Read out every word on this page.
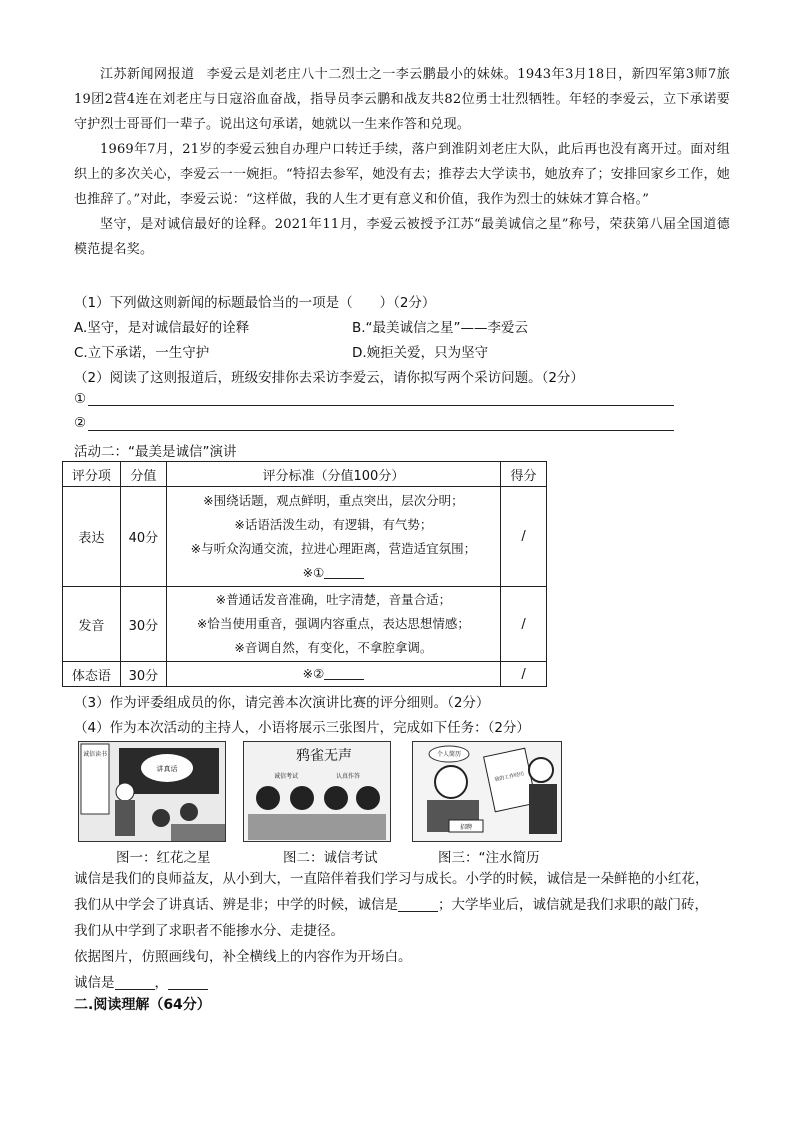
江苏新闻网报道 李爱云是刘老庄八十二烈士之一李云鹏最小的妹妹。1943年3月18日，新四军第3师7旅19团2营4连在刘老庄与日寇浴血奋战，指导员李云鹏和战友共82位勇士壮烈牺牲。年轻的李爱云，立下承诺要守护烈士哥哥们一辈子。说出这句承诺，她就以一生来作答和兑现。

1969年7月，21岁的李爱云独自办理户口转迁手续，落户到淮阴刘老庄大队，此后再也没有离开过。面对组织上的多次关心，李爱云一一婉拒。“特招去参军，她没有去；推荐去大学读书，她放弃了；安排回家乡工作，她也推辞了。”对此，李爱云说：“这样做，我的人生才更有意义和价值，我作为烈士的妹妹才算合格。”

坚守，是对诚信最好的诠释。2021年11月，李爱云被授予江苏“最美诚信之星”称号，荣获第八届全国道德模范提名奖。

（1）下列做这则新闻的标题最恰当的一项是（　　）（2分）
A.坚守，是对诚信最好的诠释	B.“最美诚信之星”——李爱云
C.立下承诺，一生守护	D.婉拒关爱，只为坚守
（2）阅读了这则报道后，班级安排你去采访李爱云，请你拟写两个采访问题。（2分）
①
②
活动二：“最美是诚信”演讲
评分项	分值	评分标准（分值100分）	得分
表达	40分	※围绕话题，观点鲜明，重点突出，层次分明；
※话语活泼生动，有逻辑，有气势；
※与听众沟通交流，拉进心理距离，营造适宜氛围；
※①	/
发音	30分	※普通话发音准确，吐字清楚，音量合适；
※恰当使用重音，强调内容重点，表达思想情感；
※音调自然，有变化，不拿腔拿调。	/
体态语	30分	※②	/
（3）作为评委组成员的你，请完善本次演讲比赛的评分细则。（2分）
（4）作为本次活动的主持人，小语将展示三张图片，完成如下任务：（2分）
诚信读书
讲真话
鸦雀无声
诚信考试	认真作答
个人简历
招聘
我的工作经历
图一：红花之星	图二：诚信考试	图三：“注水简历
诚信是我们的良师益友，从小到大，一直陪伴着我们学习与成长。小学的时候，诚信是一朵鲜艳的小红花，
我们从中学会了讲真话、辨是非；中学的时候，诚信是	；大学毕业后，诚信就是我们求职的敲门砖，
我们从中学到了求职者不能掺水分、走捷径。
依据图片，仿照画线句，补全横线上的内容作为开场白。
诚信是	，
二.阅读理解（64分）
